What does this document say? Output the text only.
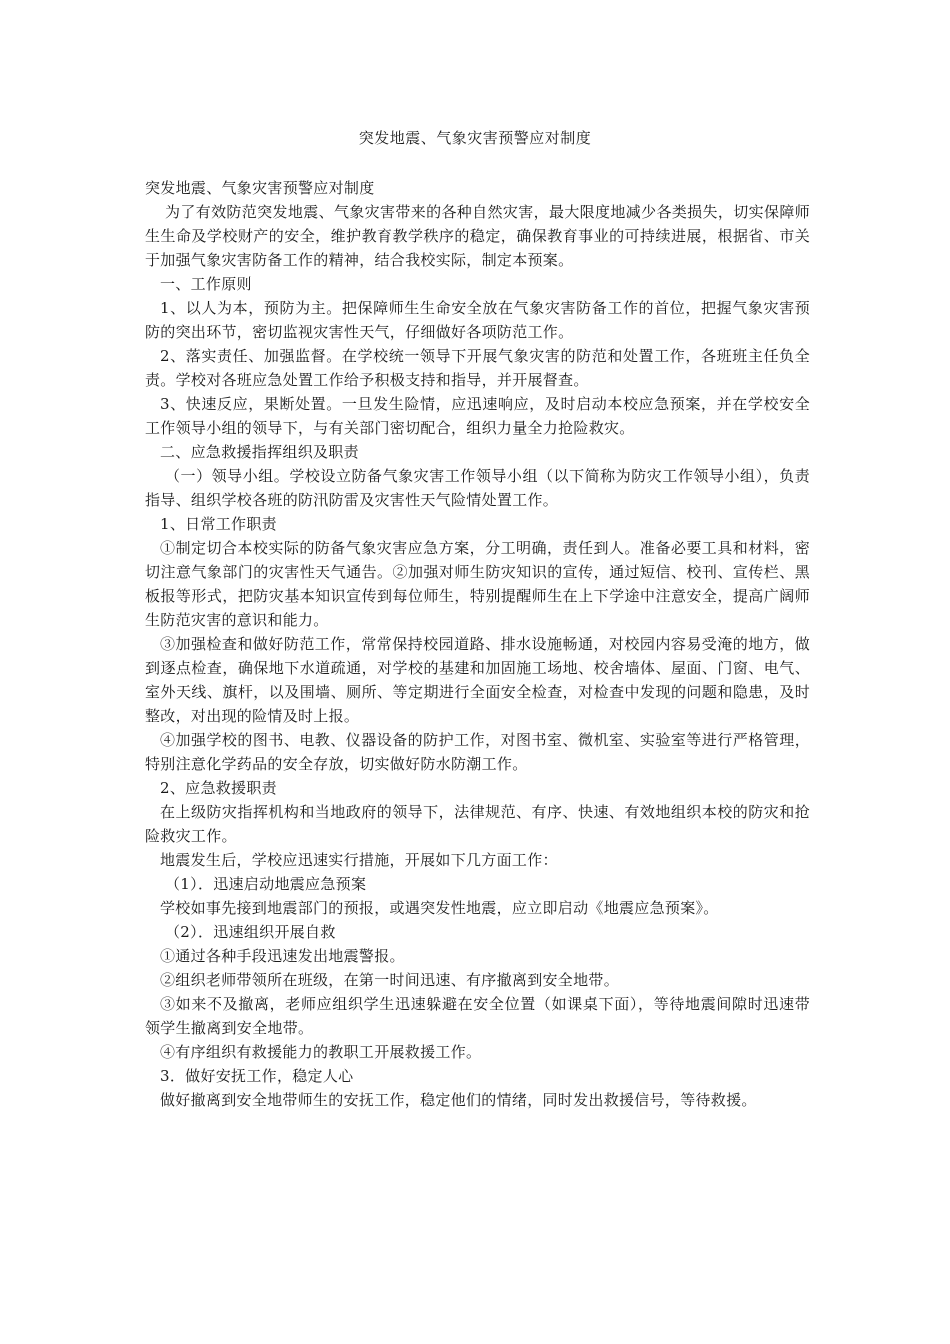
突发地震、气象灾害预警应对制度

突发地震、气象灾害预警应对制度

为了有效防范突发地震、气象灾害带来的各种自然灾害，最大限度地减少各类损失，切实保障师生生命及学校财产的安全，维护教育教学秩序的稳定，确保教育事业的可持续进展，根据省、市关于加强气象灾害防备工作的精神，结合我校实际，制定本预案。

一、工作原则

1、以人为本，预防为主。把保障师生生命安全放在气象灾害防备工作的首位，把握气象灾害预防的突出环节，密切监视灾害性天气，仔细做好各项防范工作。

2、落实责任、加强监督。在学校统一领导下开展气象灾害的防范和处置工作，各班班主任负全责。学校对各班应急处置工作给予积极支持和指导，并开展督查。

3、快速反应，果断处置。一旦发生险情，应迅速响应，及时启动本校应急预案，并在学校安全工作领导小组的领导下，与有关部门密切配合，组织力量全力抢险救灾。

二、应急救援指挥组织及职责

（一）领导小组。学校设立防备气象灾害工作领导小组（以下简称为防灾工作领导小组），负责指导、组织学校各班的防汛防雷及灾害性天气险情处置工作。

1、日常工作职责

①制定切合本校实际的防备气象灾害应急方案，分工明确，责任到人。准备必要工具和材料，密切注意气象部门的灾害性天气通告。②加强对师生防灾知识的宣传，通过短信、校刊、宣传栏、黑板报等形式，把防灾基本知识宣传到每位师生，特别提醒师生在上下学途中注意安全，提高广阔师生防范灾害的意识和能力。

③加强检查和做好防范工作，常常保持校园道路、排水设施畅通，对校园内容易受淹的地方，做到逐点检查，确保地下水道疏通，对学校的基建和加固施工场地、校舍墙体、屋面、门窗、电气、室外天线、旗杆，以及围墙、厕所、等定期进行全面安全检查，对检查中发现的问题和隐患，及时整改，对出现的险情及时上报。

④加强学校的图书、电教、仪器设备的防护工作，对图书室、微机室、实验室等进行严格管理，特别注意化学药品的安全存放，切实做好防水防潮工作。

2、应急救援职责

在上级防灾指挥机构和当地政府的领导下，法律规范、有序、快速、有效地组织本校的防灾和抢险救灾工作。

地震发生后，学校应迅速实行措施，开展如下几方面工作：

（1）．迅速启动地震应急预案

学校如事先接到地震部门的预报，或遇突发性地震，应立即启动《地震应急预案》。

（2）．迅速组织开展自救

①通过各种手段迅速发出地震警报。

②组织老师带领所在班级，在第一时间迅速、有序撤离到安全地带。

③如来不及撤离，老师应组织学生迅速躲避在安全位置（如课桌下面），等待地震间隙时迅速带领学生撤离到安全地带。

④有序组织有救援能力的教职工开展救援工作。

3．做好安抚工作，稳定人心

做好撤离到安全地带师生的安抚工作，稳定他们的情绪，同时发出救援信号，等待救援。
